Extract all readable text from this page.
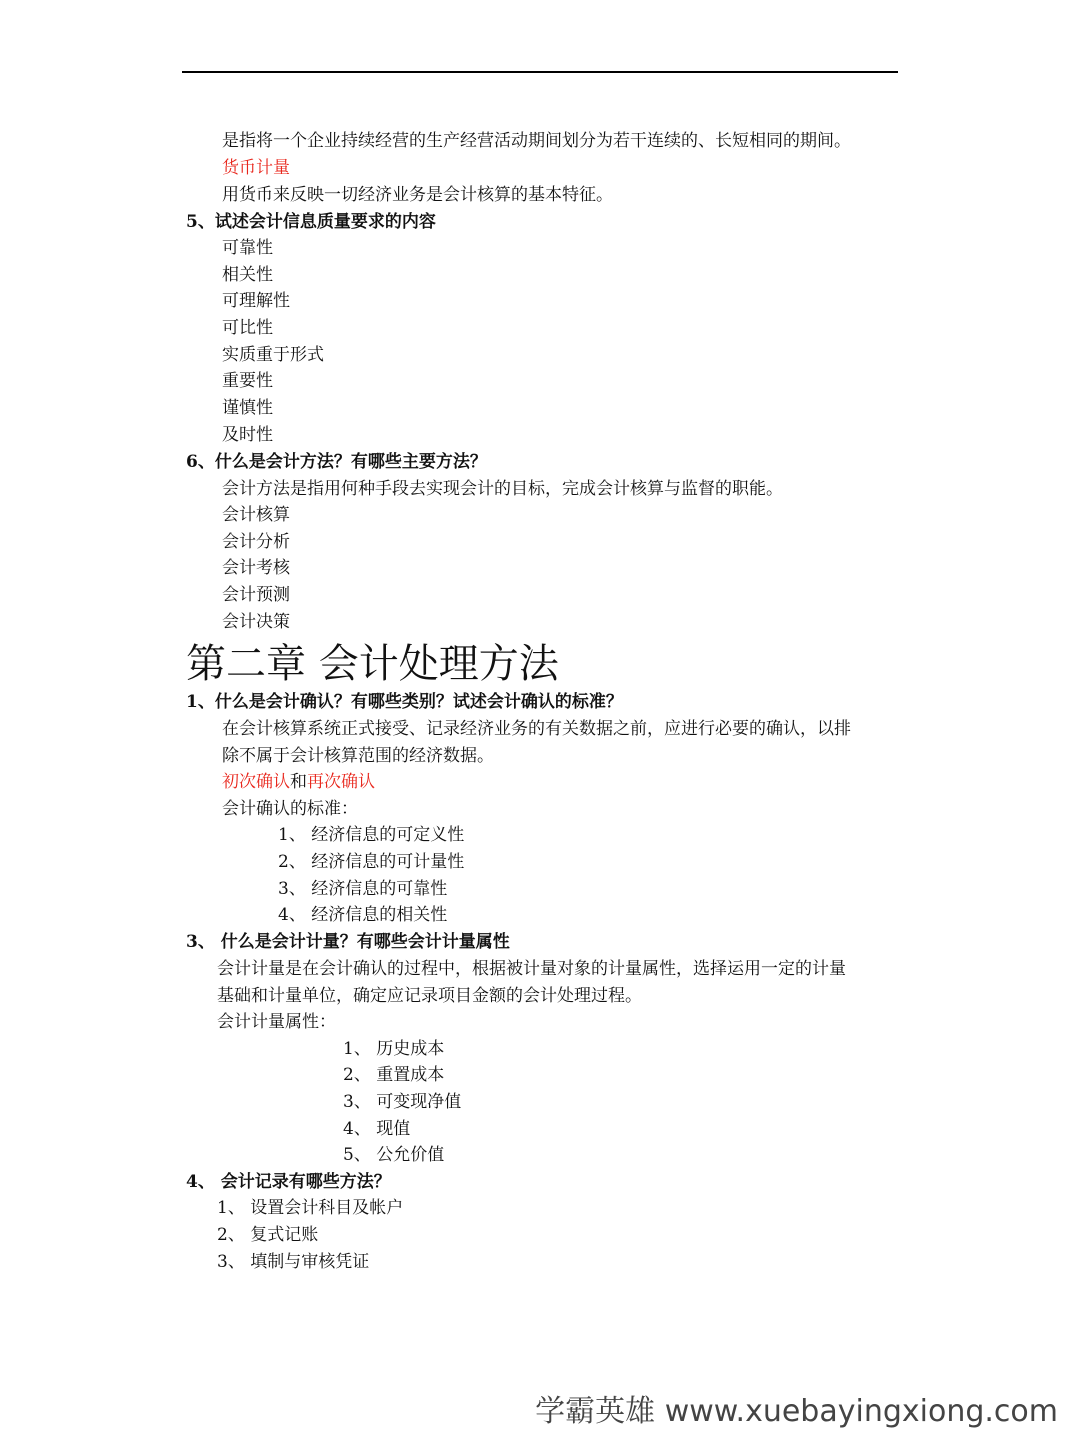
是指将一个企业持续经营的生产经营活动期间划分为若干连续的、长短相同的期间。
货币计量
用货币来反映一切经济业务是会计核算的基本特征。
5、试述会计信息质量要求的内容
可靠性
相关性
可理解性
可比性
实质重于形式
重要性
谨慎性
及时性
6、什么是会计方法？有哪些主要方法？
会计方法是指用何种手段去实现会计的目标，完成会计核算与监督的职能。
会计核算
会计分析
会计考核
会计预测
会计决策
第二章 会计处理方法
1、什么是会计确认？有哪些类别？试述会计确认的标准？
在会计核算系统正式接受、记录经济业务的有关数据之前，应进行必要的确认，以排
除不属于会计核算范围的经济数据。
初次确认和再次确认
会计确认的标准：
1、 经济信息的可定义性
2、 经济信息的可计量性
3、 经济信息的可靠性
4、 经济信息的相关性
3、 什么是会计计量？有哪些会计计量属性
会计计量是在会计确认的过程中，根据被计量对象的计量属性，选择运用一定的计量
基础和计量单位，确定应记录项目金额的会计处理过程。
会计计量属性：
1、 历史成本
2、 重置成本
3、 可变现净值
4、 现值
5、 公允价值
4、 会计记录有哪些方法？
1、 设置会计科目及帐户
2、 复式记账
3、 填制与审核凭证
学霸英雄 www.xuebayingxiong.com
